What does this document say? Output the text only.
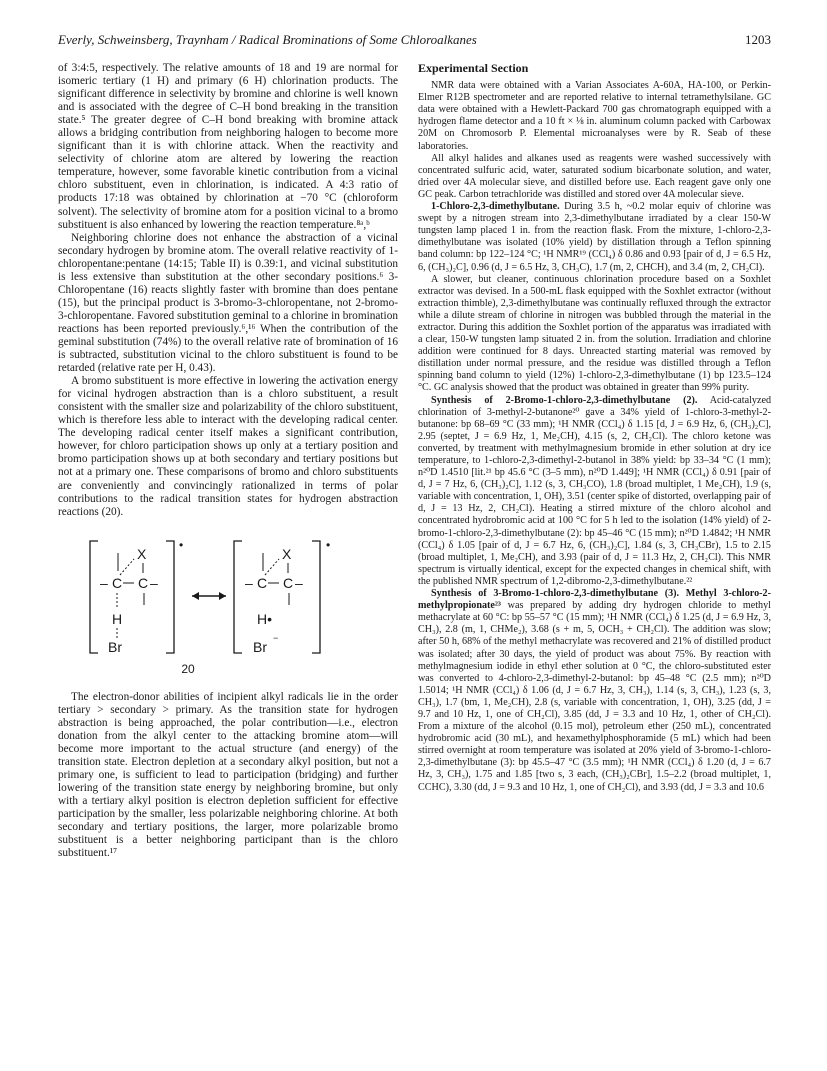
Everly, Schweinsberg, Traynham / Radical Brominations of Some Chloroalkanes	1203

of 3:4:5, respectively. The relative amounts of 18 and 19 are normal for isomeric tertiary (1 H) and primary (6 H) chlorination products. The significant difference in selectivity by bromine and chlorine is well known and is associated with the degree of C–H bond breaking in the transition state.⁵ The greater degree of C–H bond breaking with bromine attack allows a bridging contribution from neighboring halogen to become more significant than it is with chlorine attack. When the reactivity and selectivity of chlorine atom are altered by lowering the reaction temperature, however, some favorable kinetic contribution from a vicinal chloro substituent, even in chlorination, is indicated. A 4:3 ratio of products 17:18 was obtained by chlorination at −70 °C (chloroform solvent). The selectivity of bromine atom for a position vicinal to a bromo substituent is also enhanced by lowering the reaction temperature.⁸ᵃ,ᵇ

Neighboring chlorine does not enhance the abstraction of a vicinal secondary hydrogen by bromine atom. The overall relative reactivity of 1-chloropentane:pentane (14:15; Table II) is 0.39:1, and vicinal substitution is less extensive than substitution at the other secondary positions.⁶ 3-Chloropentane (16) reacts slightly faster with bromine than does pentane (15), but the principal product is 3-bromo-3-chloropentane, not 2-bromo-3-chloropentane. Favored substitution geminal to a chlorine in bromination reactions has been reported previously.⁶,¹⁶ When the contribution of the geminal substitution (74%) to the overall relative rate of bromination of 16 is subtracted, substitution vicinal to the chloro substituent is found to be retarded (relative rate per H, 0.43).

A bromo substituent is more effective in lowering the activation energy for vicinal hydrogen abstraction than is a chloro substituent, a result consistent with the smaller size and polarizability of the chloro substituent, which is therefore less able to interact with the developing radical center. The developing radical center itself makes a significant contribution, however, for chloro participation shows up only at a tertiary position and bromo participation shows up at both secondary and tertiary positions but not at a primary one. These comparisons of bromo and chloro substituents are conveniently and convincingly rationalized in terms of polar contributions to the radical transition states for hydrogen abstraction reactions (20).

•
X
– C C –
H
Br
•
X
– C C –
H•
Br
−
20

The electron-donor abilities of incipient alkyl radicals lie in the order tertiary > secondary > primary. As the transition state for hydrogen abstraction is being approached, the polar contribution—i.e., electron donation from the alkyl center to the attacking bromine atom—will become more important to the actual structure (and energy) of the transition state. Electron depletion at a secondary alkyl position, but not a primary one, is sufficient to lead to participation (bridging) and further lowering of the transition state energy by neighboring bromine, but only with a tertiary alkyl position is electron depletion sufficient for effective participation by the smaller, less polarizable neighboring chlorine. At both secondary and tertiary positions, the larger, more polarizable bromo substituent is a better neighboring participant than is the chloro substituent.¹⁷

Experimental Section

NMR data were obtained with a Varian Associates A-60A, HA-100, or Perkin-Elmer R12B spectrometer and are reported relative to internal tetramethylsilane. GC data were obtained with a Hewlett-Packard 700 gas chromatograph equipped with a hydrogen flame detector and a 10 ft × ⅛ in. aluminum column packed with Carbowax 20M on Chromosorb P. Elemental microanalyses were by R. Seab of these laboratories.

All alkyl halides and alkanes used as reagents were washed successively with concentrated sulfuric acid, water, saturated sodium bicarbonate solution, and water, dried over 4A molecular sieve, and distilled before use. Each reagent gave only one GC peak. Carbon tetrachloride was distilled and stored over 4A molecular sieve.

1-Chloro-2,3-dimethylbutane. During 3.5 h, ~0.2 molar equiv of chlorine was swept by a nitrogen stream into 2,3-dimethylbutane irradiated by a clear 150-W tungsten lamp placed 1 in. from the reaction flask. From the mixture, 1-chloro-2,3-dimethylbutane was isolated (10% yield) by distillation through a Teflon spinning band column: bp 122–124 °C; ¹H NMR¹⁹ (CCl₄) δ 0.86 and 0.93 [pair of d, J = 6.5 Hz, 6, (CH₃)₂C], 0.96 (d, J = 6.5 Hz, 3, CH₃C), 1.7 (m, 2, CHCH), and 3.4 (m, 2, CH₂Cl).

A slower, but cleaner, continuous chlorination procedure based on a Soxhlet extractor was devised. In a 500-mL flask equipped with the Soxhlet extractor (without extraction thimble), 2,3-dimethylbutane was continually refluxed through the extractor while a dilute stream of chlorine in nitrogen was bubbled through the material in the extractor. During this addition the Soxhlet portion of the apparatus was irradiated with a clear, 150-W tungsten lamp situated 2 in. from the solution. Irradiation and chlorine addition were continued for 8 days. Unreacted starting material was removed by distillation under normal pressure, and the residue was distilled through a Teflon spinning band column to yield (12%) 1-chloro-2,3-dimethylbutane (1) bp 123.5–124 °C. GC analysis showed that the product was obtained in greater than 99% purity.

Synthesis of 2-Bromo-1-chloro-2,3-dimethylbutane (2). Acid-catalyzed chlorination of 3-methyl-2-butanone²⁰ gave a 34% yield of 1-chloro-3-methyl-2-butanone: bp 68–69 °C (33 mm); ¹H NMR (CCl₄) δ 1.15 [d, J = 6.9 Hz, 6, (CH₃)₂C], 2.95 (septet, J = 6.9 Hz, 1, Me₂CH), 4.15 (s, 2, CH₂Cl). The chloro ketone was converted, by treatment with methylmagnesium bromide in ether solution at dry ice temperature, to 1-chloro-2,3-dimethyl-2-butanol in 38% yield: bp 33–34 °C (1 mm); n²⁰D 1.4510 [lit.²¹ bp 45.6 °C (3–5 mm), n²⁰D 1.449]; ¹H NMR (CCl₄) δ 0.91 [pair of d, J = 7 Hz, 6, (CH₃)₂C], 1.12 (s, 3, CH₃CO), 1.8 (broad multiplet, 1 Me₂CH), 1.9 (s, variable with concentration, 1, OH), 3.51 (center spike of distorted, overlapping pair of d, J = 13 Hz, 2, CH₂Cl). Heating a stirred mixture of the chloro alcohol and concentrated hydrobromic acid at 100 °C for 5 h led to the isolation (14% yield) of 2-bromo-1-chloro-2,3-dimethylbutane (2): bp 45–46 °C (15 mm); n²⁰D 1.4842; ¹H NMR (CCl₄) δ 1.05 [pair of d, J = 6.7 Hz, 6, (CH₃)₂C], 1.84 (s, 3, CH₃CBr), 1.5 to 2.15 (broad multiplet, 1, Me₂CH), and 3.93 (pair of d, J = 11.3 Hz, 2, CH₂Cl). This NMR spectrum is virtually identical, except for the expected changes in chemical shift, with the published NMR spectrum of 1,2-dibromo-2,3-dimethylbutane.²²

Synthesis of 3-Bromo-1-chloro-2,3-dimethylbutane (3). Methyl 3-chloro-2-methylpropionate²³ was prepared by adding dry hydrogen chloride to methyl methacrylate at 60 °C: bp 55–57 °C (15 mm); ¹H NMR (CCl₄) δ 1.25 (d, J = 6.9 Hz, 3, CH₃), 2.8 (m, 1, CHMe₂), 3.68 (s + m, 5, OCH₃ + CH₂Cl). The addition was slow; after 50 h, 68% of the methyl methacrylate was recovered and 21% of distilled product was isolated; after 30 days, the yield of product was about 75%. By reaction with methylmagnesium iodide in ethyl ether solution at 0 °C, the chloro-substituted ester was converted to 4-chloro-2,3-dimethyl-2-butanol: bp 45–48 °C (2.5 mm); n²⁰D 1.5014; ¹H NMR (CCl₄) δ 1.06 (d, J = 6.7 Hz, 3, CH₃), 1.14 (s, 3, CH₃), 1.23 (s, 3, CH₃), 1.7 (bm, 1, Me₂CH), 2.8 (s, variable with concentration, 1, OH), 3.25 (dd, J = 9.7 and 10 Hz, 1, one of CH₂Cl), 3.85 (dd, J = 3.3 and 10 Hz, 1, other of CH₂Cl). From a mixture of the alcohol (0.15 mol), petroleum ether (250 mL), concentrated hydrobromic acid (30 mL), and hexamethylphosphoramide (5 mL) which had been stirred overnight at room temperature was isolated at 20% yield of 3-bromo-1-chloro-2,3-dimethylbutane (3): bp 45.5–47 °C (3.5 mm); ¹H NMR (CCl₄) δ 1.20 (d, J = 6.7 Hz, 3, CH₃), 1.75 and 1.85 [two s, 3 each, (CH₃)₂CBr], 1.5–2.2 (broad multiplet, 1, CCHC), 3.30 (dd, J = 9.3 and 10 Hz, 1, one of CH₂Cl), and 3.93 (dd, J = 3.3 and 10.6
